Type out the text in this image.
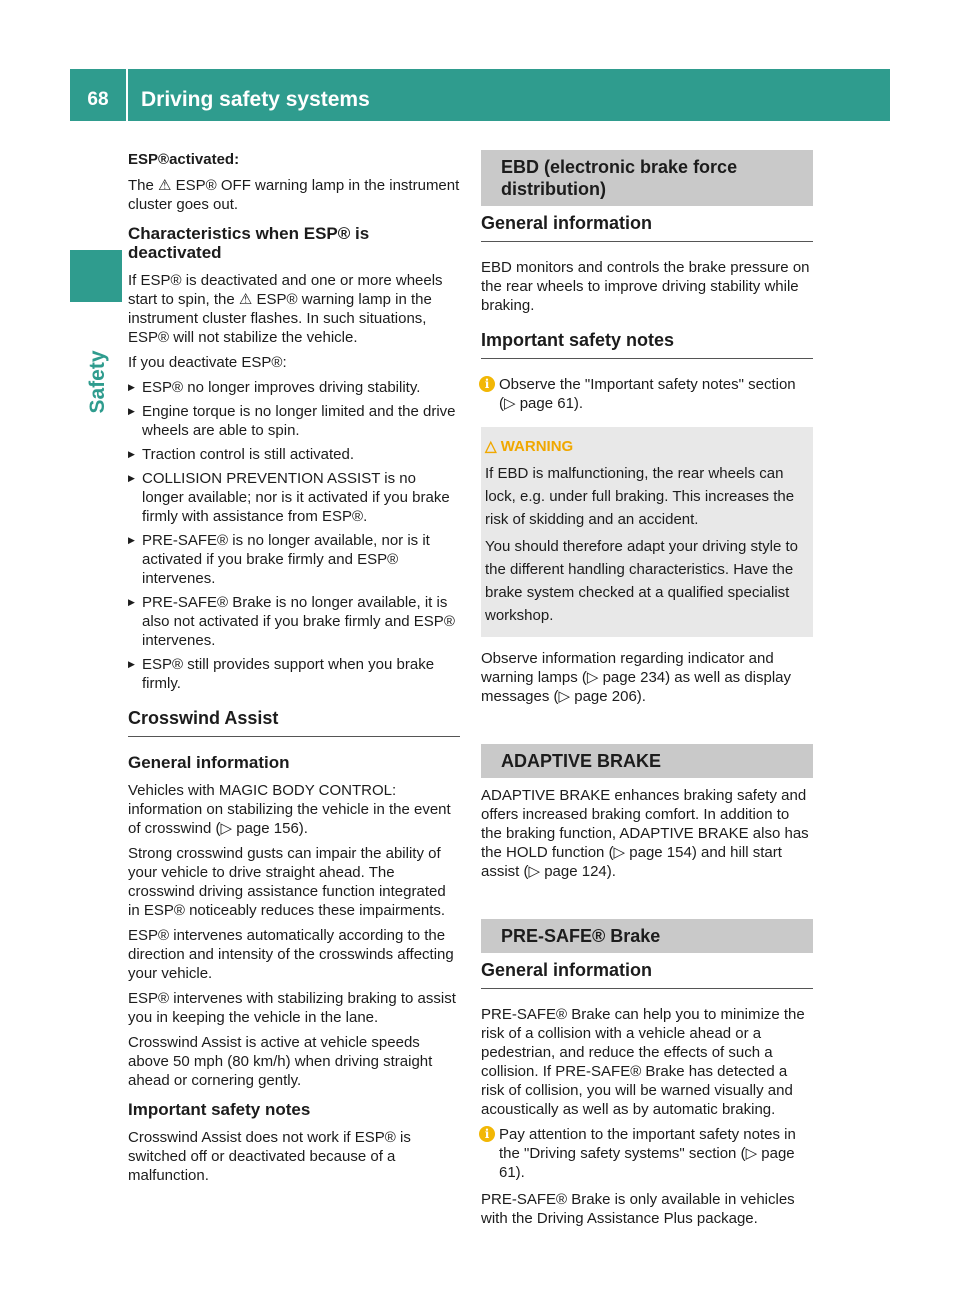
68	Driving safety systems
Safety

ESP®activated:

The ⚠ ESP® OFF warning lamp in the instrument cluster goes out.

Characteristics when ESP® is deactivated

If ESP® is deactivated and one or more wheels start to spin, the ⚠ ESP® warning lamp in the instrument cluster flashes. In such situations, ESP® will not stabilize the vehicle.

If you deactivate ESP®:

▶ ESP® no longer improves driving stability.
▶ Engine torque is no longer limited and the drive wheels are able to spin.
▶ Traction control is still activated.
▶ COLLISION PREVENTION ASSIST is no longer available; nor is it activated if you brake firmly with assistance from ESP®.
▶ PRE-SAFE® is no longer available, nor is it activated if you brake firmly and ESP® intervenes.
▶ PRE-SAFE® Brake is no longer available, it is also not activated if you brake firmly and ESP® intervenes.
▶ ESP® still provides support when you brake firmly.
Crosswind Assist
General information

Vehicles with MAGIC BODY CONTROL: information on stabilizing the vehicle in the event of crosswind (▷ page 156).

Strong crosswind gusts can impair the ability of your vehicle to drive straight ahead. The crosswind driving assistance function integrated in ESP® noticeably reduces these impairments.

ESP® intervenes automatically according to the direction and intensity of the crosswinds affecting your vehicle.

ESP® intervenes with stabilizing braking to assist you in keeping the vehicle in the lane.

Crosswind Assist is active at vehicle speeds above 50 mph (80 km/h) when driving straight ahead or cornering gently.

Important safety notes

Crosswind Assist does not work if ESP® is switched off or deactivated because of a malfunction.

EBD (electronic brake force distribution)
General information

EBD monitors and controls the brake pressure on the rear wheels to improve driving stability while braking.

Important safety notes
i Observe the "Important safety notes" section (▷ page 61).
△ WARNING

If EBD is malfunctioning, the rear wheels can lock, e.g. under full braking. This increases the risk of skidding and an accident.

You should therefore adapt your driving style to the different handling characteristics. Have the brake system checked at a qualified specialist workshop.

Observe information regarding indicator and warning lamps (▷ page 234) as well as display messages (▷ page 206).

ADAPTIVE BRAKE

ADAPTIVE BRAKE enhances braking safety and offers increased braking comfort. In addition to the braking function, ADAPTIVE BRAKE also has the HOLD function (▷ page 154) and hill start assist (▷ page 124).

PRE-SAFE® Brake
General information

PRE-SAFE® Brake can help you to minimize the risk of a collision with a vehicle ahead or a pedestrian, and reduce the effects of such a collision. If PRE-SAFE® Brake has detected a risk of collision, you will be warned visually and acoustically as well as by automatic braking.

i Pay attention to the important safety notes in the "Driving safety systems" section (▷ page 61).

PRE-SAFE® Brake is only available in vehicles with the Driving Assistance Plus package.
